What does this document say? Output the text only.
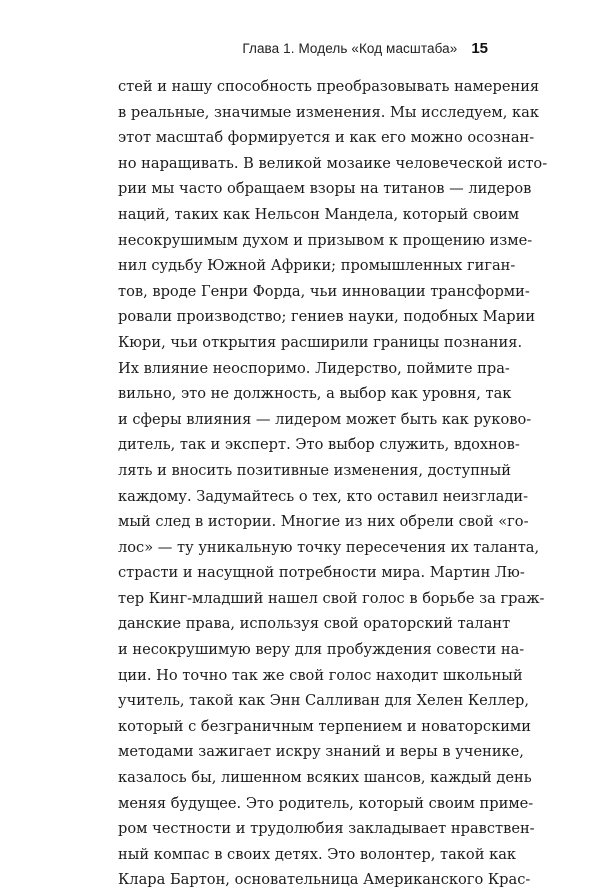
Глава 1. Модель «Код масштаба» 15
стей и нашу способность преобразовывать намерения
в реальные, значимые изменения. Мы исследуем, как
этот масштаб формируется и как его можно осознан-
но наращивать. В великой мозаике человеческой исто-
рии мы часто обращаем взоры на титанов — лидеров
наций, таких как Нельсон Мандела, который своим
несокрушимым духом и призывом к прощению изме-
нил судьбу Южной Африки; промышленных гиган-
тов, вроде Генри Форда, чьи инновации трансформи-
ровали производство; гениев науки, подобных Марии
Кюри, чьи открытия расширили границы познания.
Их влияние неоспоримо. Лидерство, поймите пра-
вильно, это не должность, а выбор как уровня, так
и сферы влияния — лидером может быть как руково-
дитель, так и эксперт. Это выбор служить, вдохнов-
лять и вносить позитивные изменения, доступный
каждому. Задумайтесь о тех, кто оставил неизглади-
мый след в истории. Многие из них обрели свой «го-
лос» — ту уникальную точку пересечения их таланта,
страсти и насущной потребности мира. Мартин Лю-
тер Кинг-младший нашел свой голос в борьбе за граж-
данские права, используя свой ораторский талант
и несокрушимую веру для пробуждения совести на-
ции. Но точно так же свой голос находит школьный
учитель, такой как Энн Салливан для Хелен Келлер,
который с безграничным терпением и новаторскими
методами зажигает искру знаний и веры в ученике,
казалось бы, лишенном всяких шансов, каждый день
меняя будущее. Это родитель, который своим приме-
ром честности и трудолюбия закладывает нравствен-
ный компас в своих детях. Это волонтер, такой как
Клара Бартон, основательница Американского Крас-
